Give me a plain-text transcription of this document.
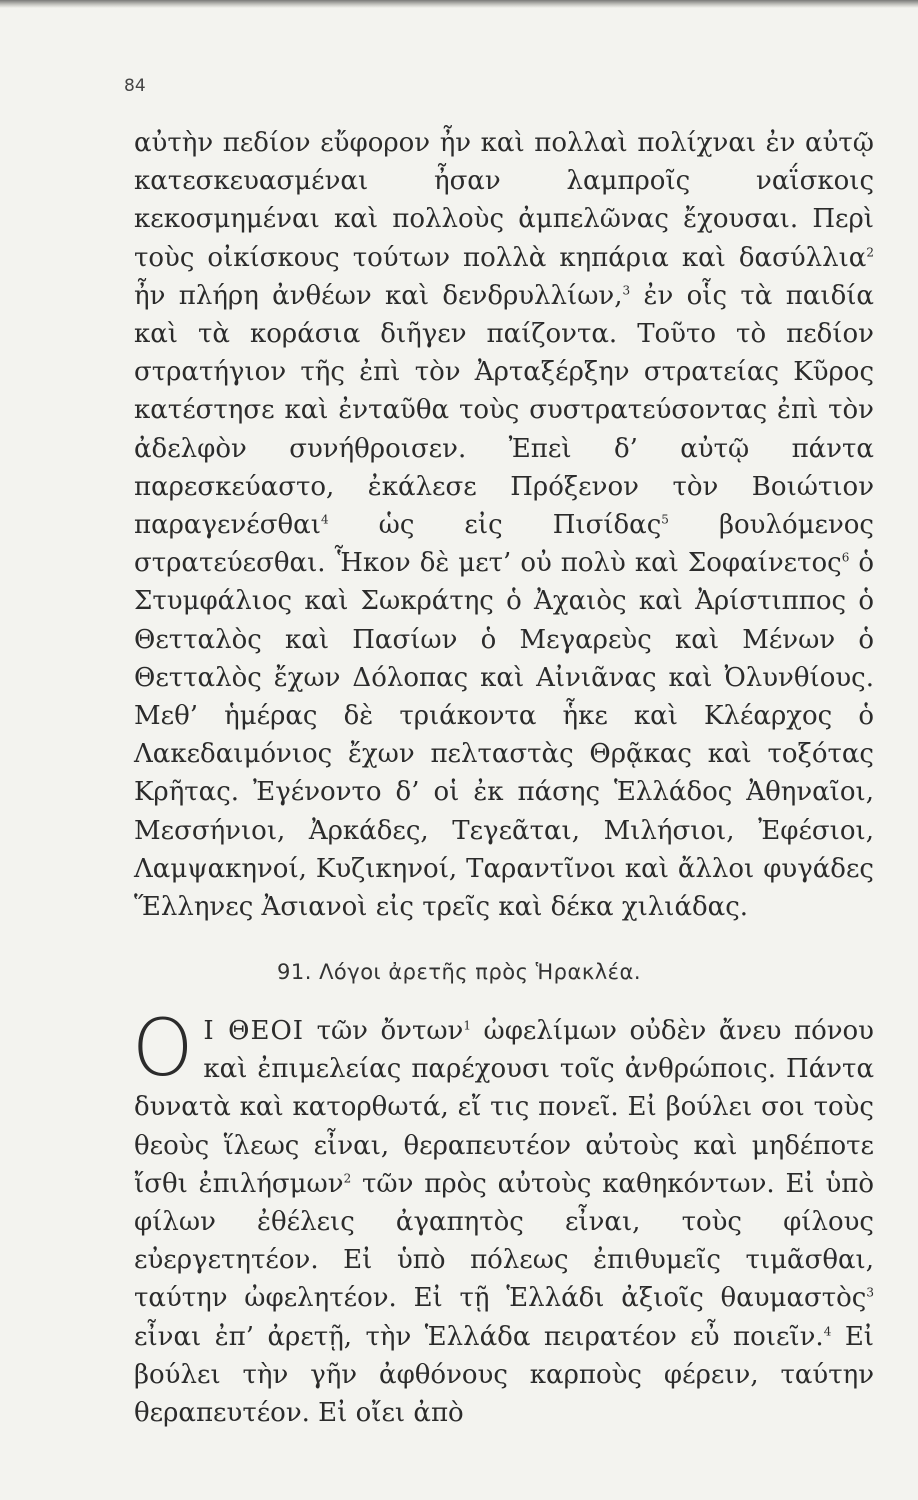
84

αὐτὴν πεδίον εὔφορον ἦν καὶ πολλαὶ πολίχναι ἐν αὐτῷ κατεσκευασμέναι ἦσαν λαμπροῖς ναΐσκοις κεκοσμημέναι καὶ πολλοὺς ἀμπελῶνας ἔχουσαι. Περὶ τοὺς οἰκίσκους τούτων πολλὰ κηπάρια καὶ δασύλλια$^2$ ἦν πλήρη ἀνθέων καὶ δενδρυλλίων,$^3$ ἐν οἷς τὰ παιδία καὶ τὰ κοράσια διῆγεν παίζοντα. Τοῦτο τὸ πεδίον στρατήγιον τῆς ἐπὶ τὸν Ἀρταξέρξην στρατείας Κῦρος κατέστησε καὶ ἐνταῦθα τοὺς συστρατεύσοντας ἐπὶ τὸν ἀδελφὸν συνήθροισεν. Ἐπεὶ δ’ αὐτῷ πάντα παρεσκεύαστο, ἐκάλεσε Πρόξενον τὸν Βοιώτιον παραγενέσθαι$^4$ ὡς εἰς Πισίδας$^5$ βουλόμενος στρατεύεσθαι. Ἧκον δὲ μετ’ οὐ πολὺ καὶ Σοφαίνετος$^6$ ὁ Στυμφάλιος καὶ Σωκράτης ὁ Ἀχαιὸς καὶ Ἀρίστιππος ὁ Θετταλὸς καὶ Πασίων ὁ Μεγαρεὺς καὶ Μένων ὁ Θετταλὸς ἔχων Δόλοπας καὶ Αἰνιᾶνας καὶ Ὀλυνθίους. Μεθ’ ἡμέρας δὲ τριάκοντα ἧκε καὶ Κλέαρχος ὁ Λακεδαιμόνιος ἔχων πελταστὰς Θρᾷκας καὶ τοξότας Κρῆτας. Ἐγένοντο δ’ οἱ ἐκ πάσης Ἑλλάδος Ἀθηναῖοι, Μεσσήνιοι, Ἀρκάδες, Τεγεᾶται, Μιλήσιοι, Ἐφέσιοι, Λαμψακηνοί, Κυζικηνοί, Ταραντῖνοι καὶ ἄλλοι φυγάδες Ἕλληνες Ἀσιανοὶ εἰς τρεῖς καὶ δέκα χιλιάδας.

91. Λόγοι ἀρετῆς πρὸς Ἡρακλέα.

Ο Ι ΘΕΟΙ τῶν ὄντων$^1$ ὠφελίμων οὐδὲν ἄνευ πόνου καὶ ἐπιμελείας παρέχουσι τοῖς ἀνθρώποις. Πάντα δυνατὰ καὶ κατορθωτά, εἴ τις πονεῖ. Εἰ βούλει σοι τοὺς θεοὺς ἵλεως εἶναι, θεραπευτέον αὐτοὺς καὶ μηδέποτε ἴσθι ἐπιλήσμων$^2$ τῶν πρὸς αὐτοὺς καθηκόντων. Εἰ ὑπὸ φίλων ἐθέλεις ἀγαπητὸς εἶναι, τοὺς φίλους εὐεργετητέον. Εἰ ὑπὸ πόλεως ἐπιθυμεῖς τιμᾶσθαι, ταύτην ὠφελητέον. Εἰ τῇ Ἑλλάδι ἀξιοῖς θαυμαστὸς$^3$ εἶναι ἐπ’ ἀρετῇ, τὴν Ἑλλάδα πειρατέον εὖ ποιεῖν.$^4$ Εἰ βούλει τὴν γῆν ἀφθόνους καρποὺς φέρειν, ταύτην θεραπευτέον. Εἰ οἴει ἀπὸ
